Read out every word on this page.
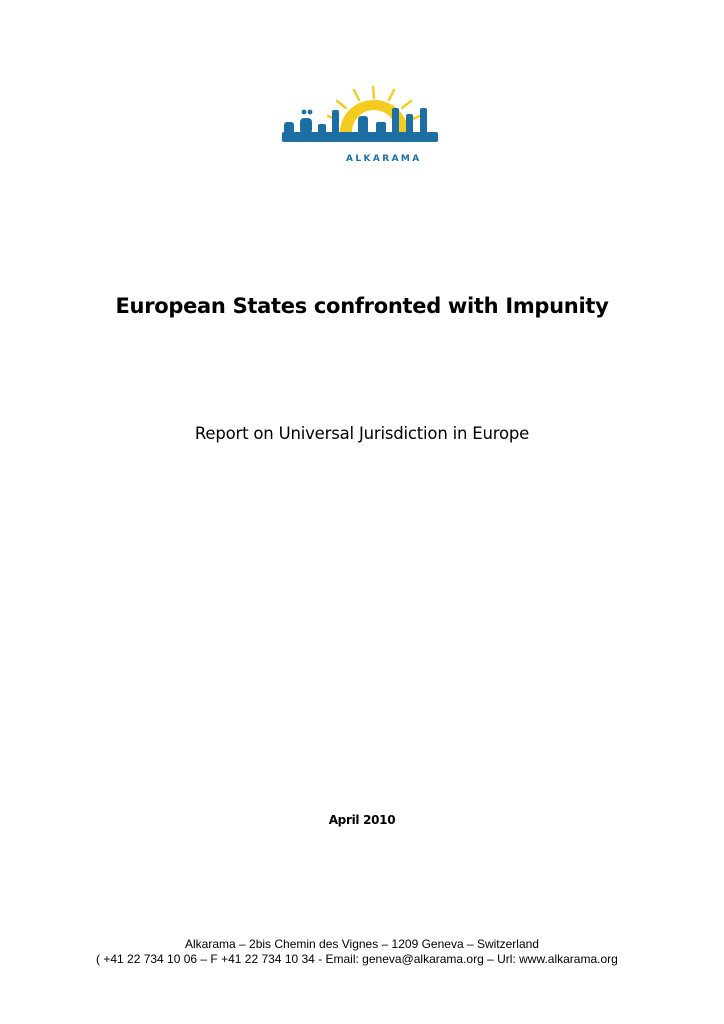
ALKARAMA
European States confronted with Impunity
Report on Universal Jurisdiction in Europe
April 2010
Alkarama – 2bis Chemin des Vignes – 1209 Geneva – Switzerland
( +41 22 734 10 06 – F +41 22 734 10 34 - Email: geneva@alkarama.org – Url: www.alkarama.org
